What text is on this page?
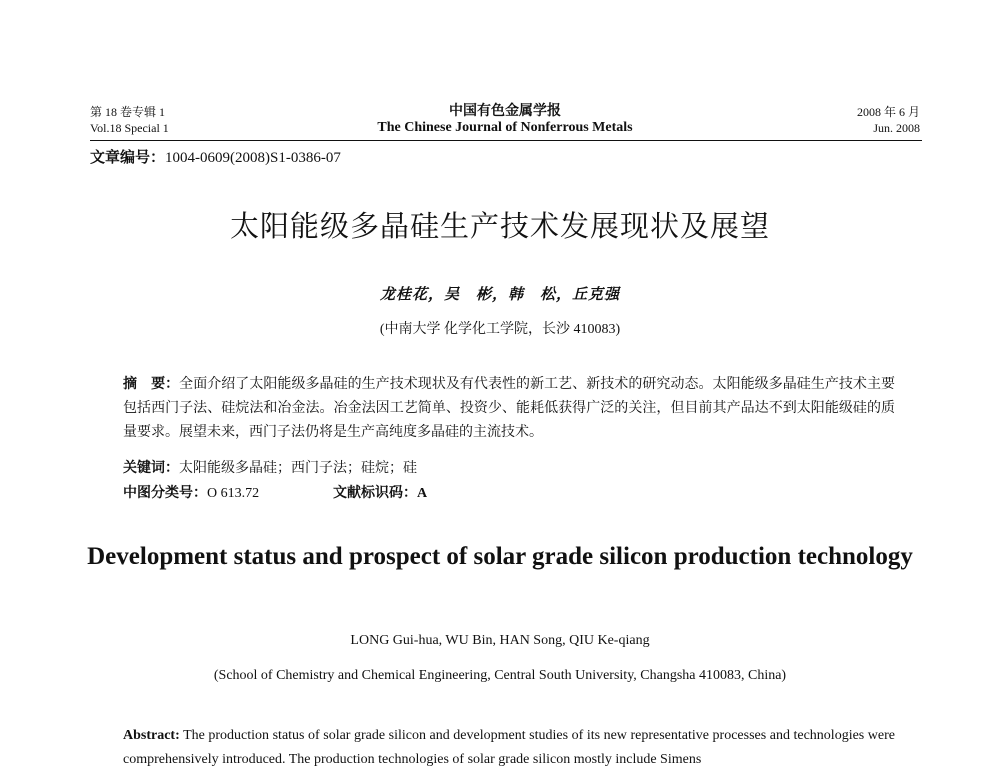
第 18 卷专辑 1
Vol.18 Special 1
中国有色金属学报
The Chinese Journal of Nonferrous Metals
2008 年 6 月
Jun. 2008
文章编号：1004-0609(2008)S1-0386-07
太阳能级多晶硅生产技术发展现状及展望
龙桂花，吴　彬，韩　松，丘克强
(中南大学 化学化工学院，长沙 410083)
摘　要：全面介绍了太阳能级多晶硅的生产技术现状及有代表性的新工艺、新技术的研究动态。太阳能级多晶硅生产技术主要包括西门子法、硅烷法和冶金法。冶金法因工艺简单、投资少、能耗低获得广泛的关注，但目前其产品达不到太阳能级硅的质量要求。展望未来，西门子法仍将是生产高纯度多晶硅的主流技术。
关键词：太阳能级多晶硅；西门子法；硅烷；硅
中图分类号：O 613.72	文献标识码：A
Development status and prospect of solar grade silicon production technology
LONG Gui-hua, WU Bin, HAN Song, QIU Ke-qiang
(School of Chemistry and Chemical Engineering, Central South University, Changsha 410083, China)
Abstract: The production status of solar grade silicon and development studies of its new representative processes and technologies were comprehensively introduced. The production technologies of solar grade silicon mostly include Simens
